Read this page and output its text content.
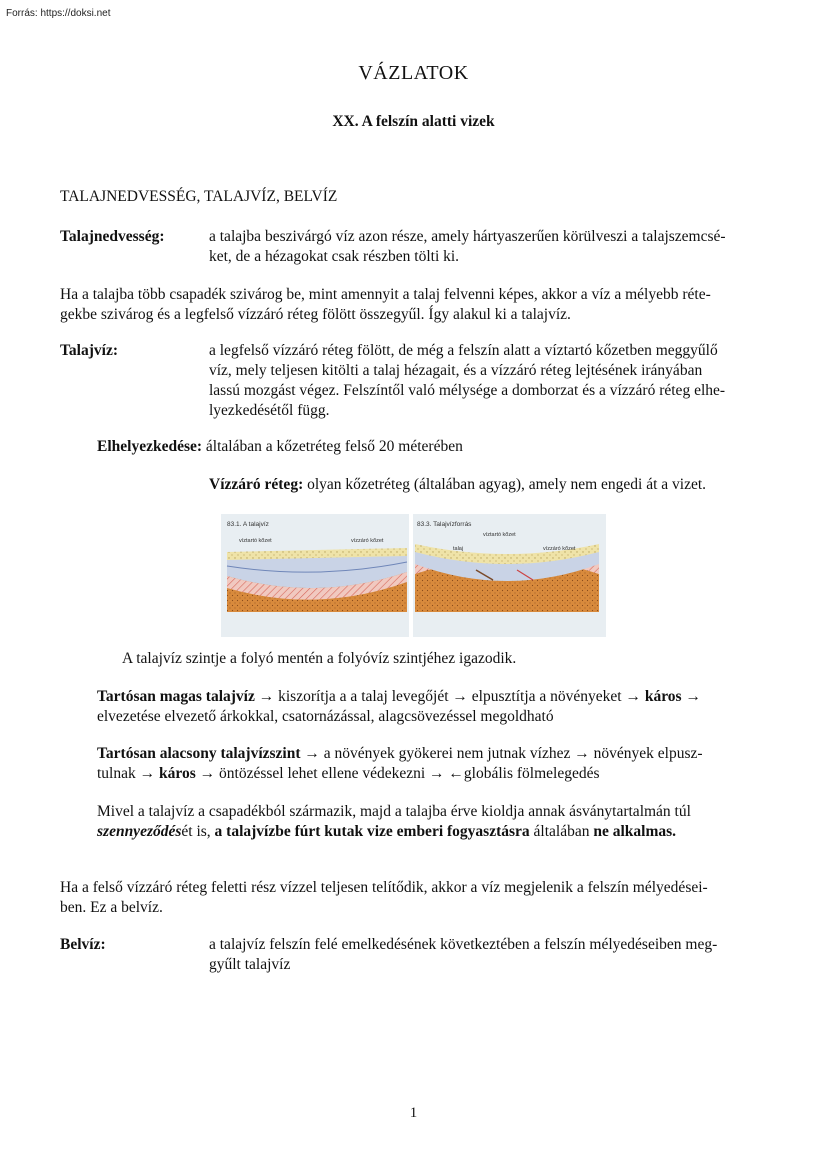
Forrás: https://doksi.net
VÁZLATOK
XX. A felszín alatti vizek
TALAJNEDVESSÉG, TALAJVÍZ, BELVÍZ
Talajnedvesség:	a talajba beszivárgó víz azon része, amely hártyaszerűen körülveszi a talajszemcsé-
ket, de a hézagokat csak részben tölti ki.
Ha a talajba több csapadék szivárog be, mint amennyit a talaj felvenni képes, akkor a víz a mélyebb réte-
gekbe szivárog és a legfelső vízzáró réteg fölött összegyűl. Így alakul ki a talajvíz.
Talajvíz:	a legfelső vízzáró réteg fölött, de még a felszín alatt a víztartó kőzetben meggyűlő
víz, mely teljesen kitölti a talaj hézagait, és a vízzáró réteg lejtésének irányában
lassú mozgást végez. Felszíntől való mélysége a domborzat és a vízzáró réteg elhe-
lyezkedésétől függ.
Elhelyezkedése: általában a kőzetréteg felső 20 méterében
Vízzáró réteg: olyan kőzetréteg (általában agyag), amely nem engedi át a vizet.
83.1. A talajvíz
víztartó kőzet	vízzáró kőzet
83.3. Talajvízforrás
víztartó kőzet
talaj	vízzáró kőzet
A talajvíz szintje a folyó mentén a folyóvíz szintjéhez igazodik.
Tartósan magas talajvíz → kiszorítja a a talaj levegőjét → elpusztítja a növényeket → káros →
elvezetése elvezető árkokkal, csatornázással, alagcsövezéssel megoldható
Tartósan alacsony talajvízszint → a növények gyökerei nem jutnak vízhez → növények elpusz-
tulnak → káros → öntözéssel lehet ellene védekezni → ←globális fölmelegedés
Mivel a talajvíz a csapadékból származik, majd a talajba érve kioldja annak ásványtartalmán túl
szennyeződését is, a talajvízbe fúrt kutak vize emberi fogyasztásra általában ne alkalmas.
Ha a felső vízzáró réteg feletti rész vízzel teljesen telítődik, akkor a víz megjelenik a felszín mélyedései-
ben. Ez a belvíz.
Belvíz:	a talajvíz felszín felé emelkedésének következtében a felszín mélyedéseiben meg-
gyűlt talajvíz
1
